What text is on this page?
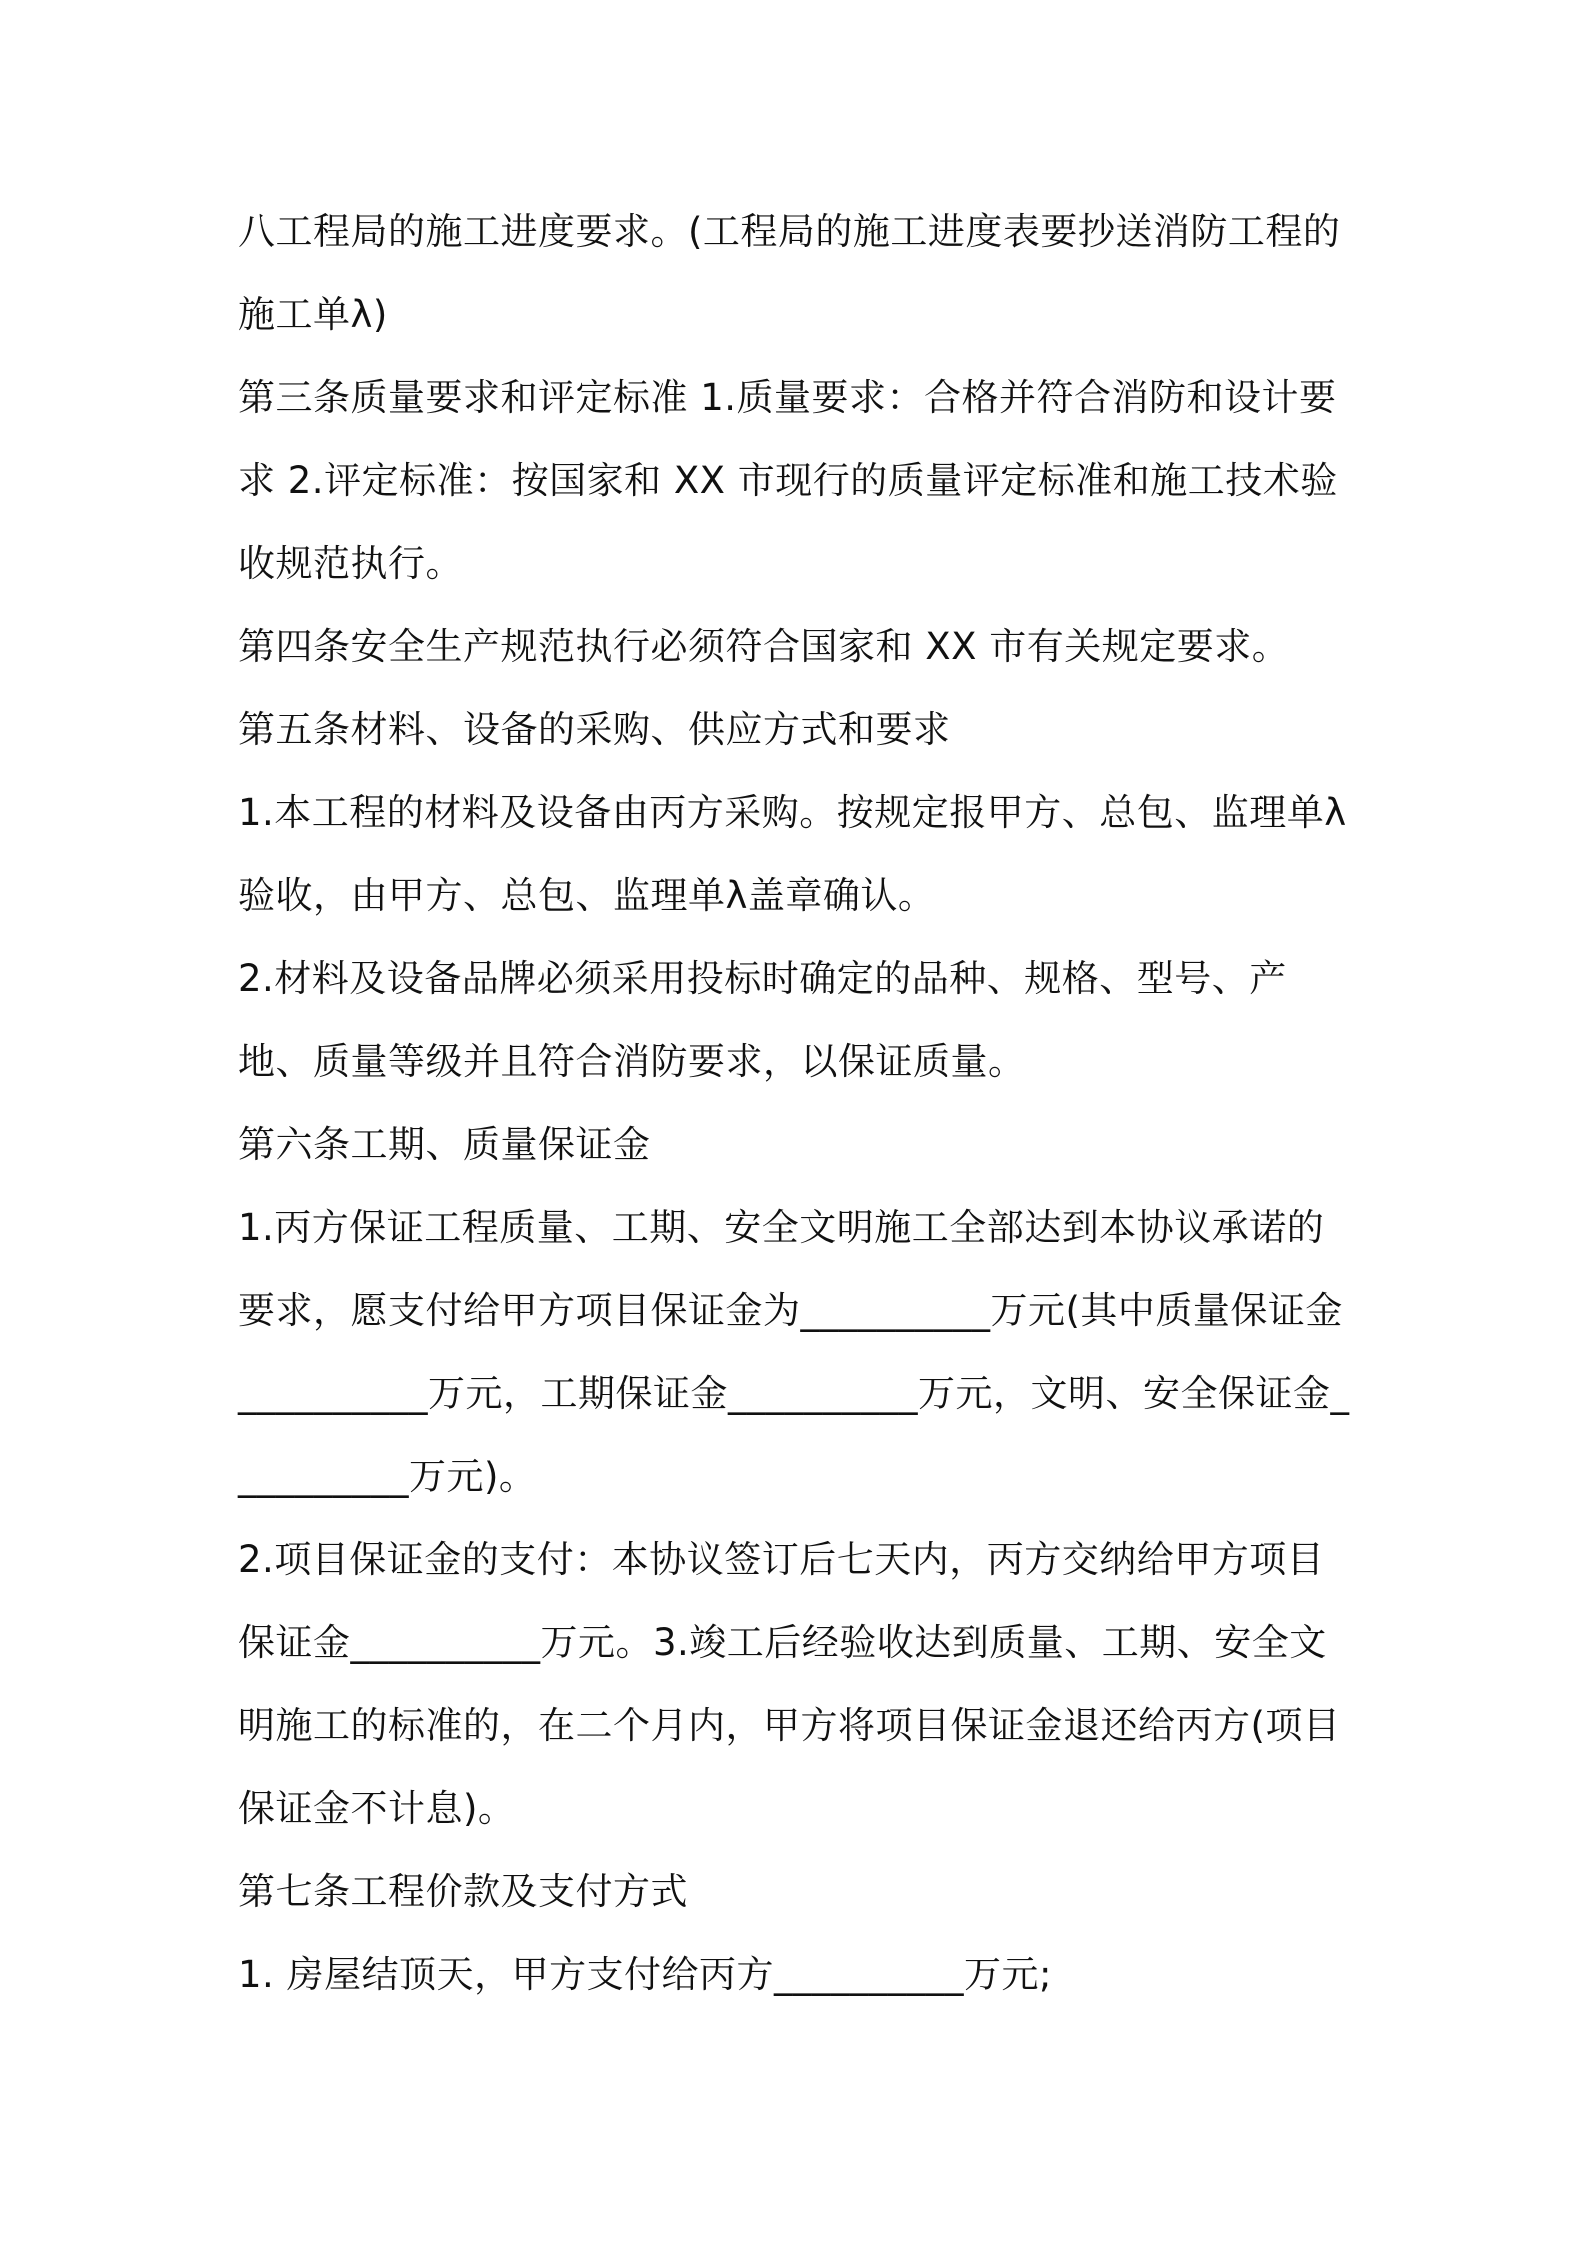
八工程局的施工进度要求。(工程局的施工进度表要抄送消防工程的施工单λ)

第三条质量要求和评定标准 1.质量要求：合格并符合消防和设计要求 2.评定标准：按国家和 XX 市现行的质量评定标准和施工技术验收规范执行。

第四条安全生产规范执行必须符合国家和 XX 市有关规定要求。

第五条材料、设备的采购、供应方式和要求

1.本工程的材料及设备由丙方采购。按规定报甲方、总包、监理单λ验收，由甲方、总包、监理单λ盖章确认。

2.材料及设备品牌必须采用投标时确定的品种、规格、型号、产地、质量等级并且符合消防要求，以保证质量。

第六条工期、质量保证金

1.丙方保证工程质量、工期、安全文明施工全部达到本协议承诺的要求，愿支付给甲方项目保证金为__________万元(其中质量保证金__________万元，工期保证金__________万元，文明、安全保证金__________万元)。

2.项目保证金的支付：本协议签订后七天内，丙方交纳给甲方项目保证金__________万元。3.竣工后经验收达到质量、工期、安全文明施工的标准的，在二个月内，甲方将项目保证金退还给丙方(项目保证金不计息)。

第七条工程价款及支付方式

1. 房屋结顶天，甲方支付给丙方__________万元;
